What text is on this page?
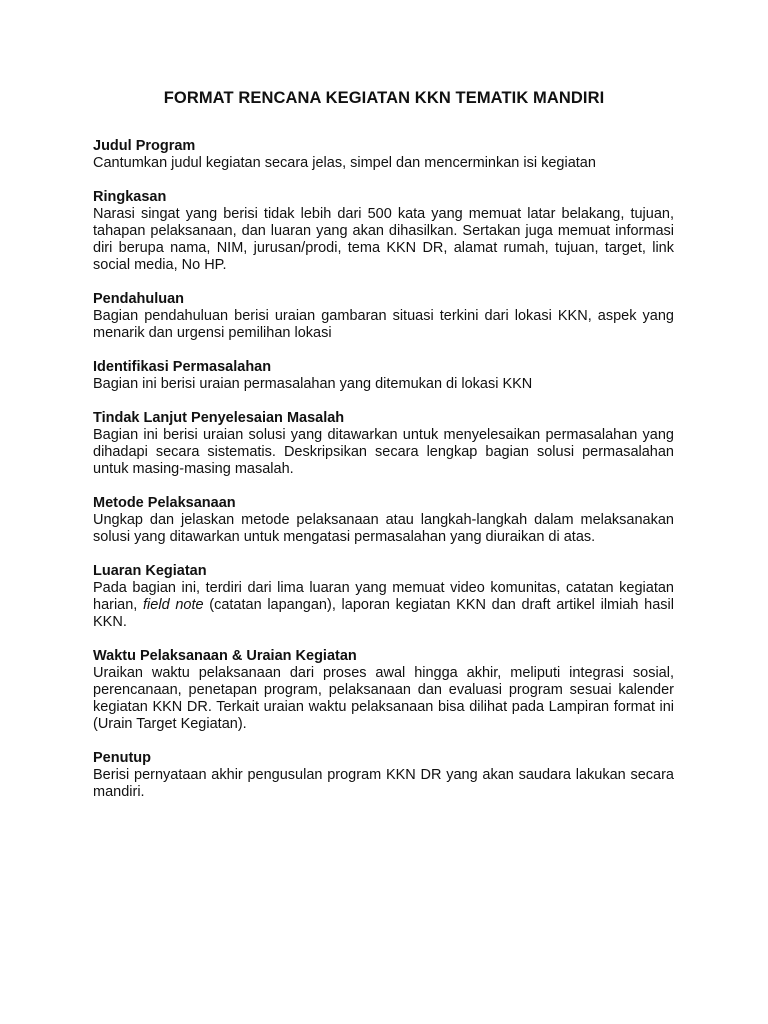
FORMAT RENCANA KEGIATAN KKN TEMATIK MANDIRI

Judul Program

Cantumkan judul kegiatan secara jelas, simpel dan mencerminkan isi kegiatan

Ringkasan

Narasi singat yang berisi tidak lebih dari 500 kata yang memuat latar belakang, tujuan, tahapan pelaksanaan, dan luaran yang akan dihasilkan. Sertakan juga memuat informasi diri berupa nama, NIM, jurusan/prodi, tema KKN DR, alamat rumah, tujuan, target, link social media, No HP.

Pendahuluan

Bagian pendahuluan berisi uraian gambaran situasi terkini dari lokasi KKN, aspek yang menarik dan urgensi pemilihan lokasi

Identifikasi Permasalahan

Bagian ini berisi uraian permasalahan yang ditemukan di lokasi KKN

Tindak Lanjut Penyelesaian Masalah

Bagian ini berisi uraian solusi yang ditawarkan untuk menyelesaikan permasalahan yang dihadapi secara sistematis. Deskripsikan secara lengkap bagian solusi permasalahan untuk masing-masing masalah.

Metode Pelaksanaan

Ungkap dan jelaskan metode pelaksanaan atau langkah-langkah dalam melaksanakan solusi yang ditawarkan untuk mengatasi permasalahan yang diuraikan di atas.

Luaran Kegiatan

Pada bagian ini, terdiri dari lima luaran yang memuat video komunitas, catatan kegiatan harian, field note (catatan lapangan), laporan kegiatan KKN dan draft artikel ilmiah hasil KKN.

Waktu Pelaksanaan & Uraian Kegiatan

Uraikan waktu pelaksanaan dari proses awal hingga akhir, meliputi integrasi sosial, perencanaan, penetapan program, pelaksanaan dan evaluasi program sesuai kalender kegiatan KKN DR. Terkait uraian waktu pelaksanaan bisa dilihat pada Lampiran format ini (Urain Target Kegiatan).

Penutup

Berisi pernyataan akhir pengusulan program KKN DR yang akan saudara lakukan secara mandiri.
